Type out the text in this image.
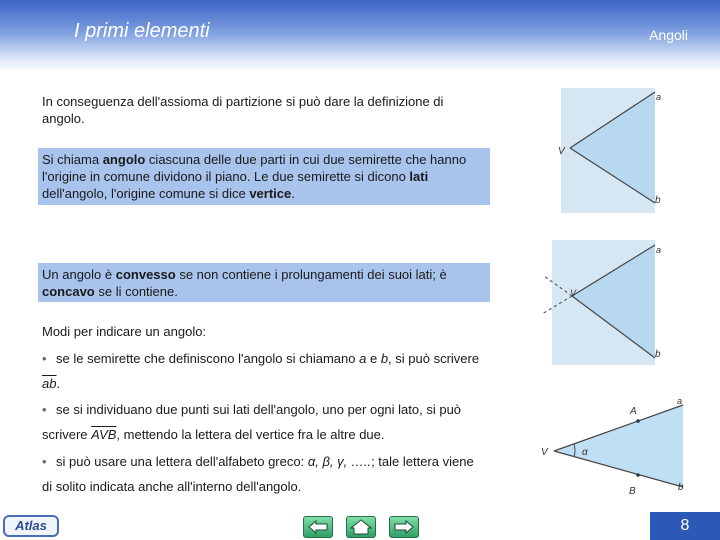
I primi elementi	Angoli
In conseguenza dell'assioma di partizione si può dare la definizione di angolo.
Si chiama angolo ciascuna delle due parti in cui due semirette che hanno l'origine in comune dividono il piano. Le due semirette si dicono lati dell'angolo, l'origine comune si dice vertice.
Un angolo è convesso se non contiene i prolungamenti dei suoi lati; è concavo se li contiene.
Modi per indicare un angolo:
• se le semirette che definiscono l'angolo si chiamano a e b, si può scrivere $\overline{ab}$.
• se si individuano due punti sui lati dell'angolo, uno per ogni lato, si può scrivere $\overline{AVB}$, mettendo la lettera del vertice fra le altre due.
• si può usare una lettera dell'alfabeto greco: α, β, γ, …..; tale lettera viene di solito indicata anche all'interno dell'angolo.
V
a
b
V
a
b
V
A
B
a
b
α
Atlas	8
